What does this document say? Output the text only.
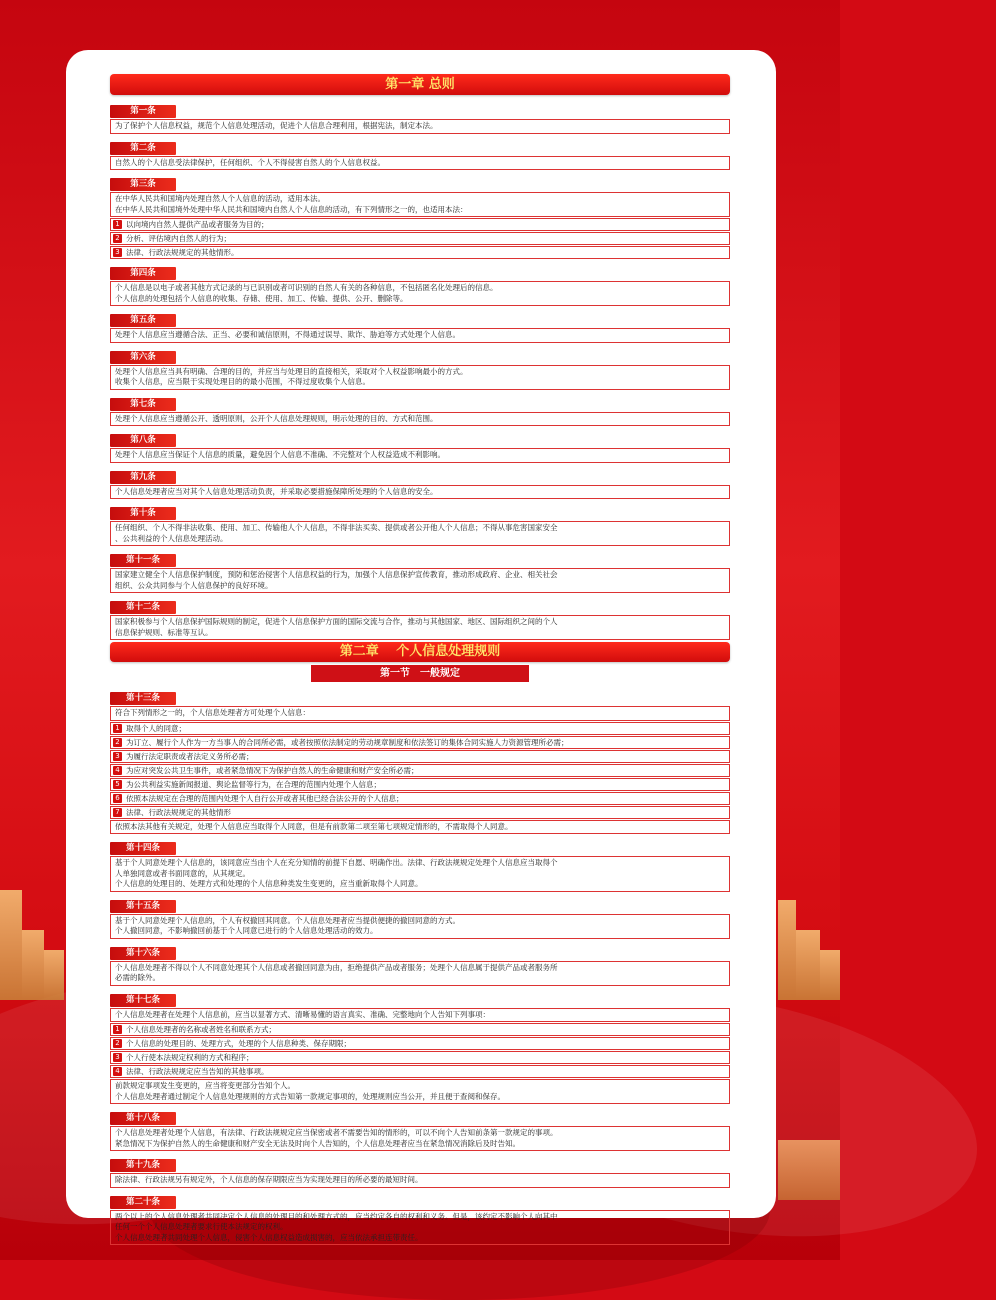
第一章 总则
第一条
为了保护个人信息权益，规范个人信息处理活动，促进个人信息合理利用，根据宪法，制定本法。
第二条
自然人的个人信息受法律保护，任何组织、个人不得侵害自然人的个人信息权益。
第三条
在中华人民共和国境内处理自然人个人信息的活动，适用本法。
在中华人民共和国境外处理中华人民共和国境内自然人个人信息的活动，有下列情形之一的，也适用本法：
1 以向境内自然人提供产品或者服务为目的；
2 分析、评估境内自然人的行为；
3 法律、行政法规规定的其他情形。
第四条
个人信息是以电子或者其他方式记录的与已识别或者可识别的自然人有关的各种信息，不包括匿名化处理后的信息。
个人信息的处理包括个人信息的收集、存储、使用、加工、传输、提供、公开、删除等。
第五条
处理个人信息应当遵循合法、正当、必要和诚信原则，不得通过误导、欺诈、胁迫等方式处理个人信息。
第六条
处理个人信息应当具有明确、合理的目的，并应当与处理目的直接相关，采取对个人权益影响最小的方式。
收集个人信息，应当限于实现处理目的的最小范围，不得过度收集个人信息。
第七条
处理个人信息应当遵循公开、透明原则，公开个人信息处理规则，明示处理的目的、方式和范围。
第八条
处理个人信息应当保证个人信息的质量，避免因个人信息不准确、不完整对个人权益造成不利影响。
第九条
个人信息处理者应当对其个人信息处理活动负责，并采取必要措施保障所处理的个人信息的安全。
第十条
任何组织、个人不得非法收集、使用、加工、传输他人个人信息，不得非法买卖、提供或者公开他人个人信息；不得从事危害国家安全
、公共利益的个人信息处理活动。
第十一条
国家建立健全个人信息保护制度，预防和惩治侵害个人信息权益的行为，加强个人信息保护宣传教育，推动形成政府、企业、相关社会
组织、公众共同参与个人信息保护的良好环境。
第十二条
国家积极参与个人信息保护国际规则的制定，促进个人信息保护方面的国际交流与合作，推动与其他国家、地区、国际组织之间的个人
信息保护规则、标准等互认。
第二章　 个人信息处理规则
第一节　一般规定
第十三条
符合下列情形之一的，个人信息处理者方可处理个人信息：
1 取得个人的同意；
2 为订立、履行个人作为一方当事人的合同所必需，或者按照依法制定的劳动规章制度和依法签订的集体合同实施人力资源管理所必需；
3 为履行法定职责或者法定义务所必需；
4 为应对突发公共卫生事件，或者紧急情况下为保护自然人的生命健康和财产安全所必需；
5 为公共利益实施新闻报道、舆论监督等行为，在合理的范围内处理个人信息；
6 依照本法规定在合理的范围内处理个人自行公开或者其他已经合法公开的个人信息；
7 法律、行政法规规定的其他情形
依照本法其他有关规定，处理个人信息应当取得个人同意，但是有前款第二项至第七项规定情形的，不需取得个人同意。
第十四条
基于个人同意处理个人信息的，该同意应当由个人在充分知情的前提下自愿、明确作出。法律、行政法规规定处理个人信息应当取得个
人单独同意或者书面同意的，从其规定。
个人信息的处理目的、处理方式和处理的个人信息种类发生变更的，应当重新取得个人同意。
第十五条
基于个人同意处理个人信息的，个人有权撤回其同意。个人信息处理者应当提供便捷的撤回同意的方式。
个人撤回同意，不影响撤回前基于个人同意已进行的个人信息处理活动的效力。
第十六条
个人信息处理者不得以个人不同意处理其个人信息或者撤回同意为由，拒绝提供产品或者服务；处理个人信息属于提供产品或者服务所
必需的除外。
第十七条
个人信息处理者在处理个人信息前，应当以显著方式、清晰易懂的语言真实、准确、完整地向个人告知下列事项：
1 个人信息处理者的名称或者姓名和联系方式；
2 个人信息的处理目的、处理方式，处理的个人信息种类、保存期限；
3 个人行使本法规定权利的方式和程序；
4 法律、行政法规规定应当告知的其他事项。
前款规定事项发生变更的，应当将变更部分告知个人。
个人信息处理者通过制定个人信息处理规则的方式告知第一款规定事项的，处理规则应当公开，并且便于查阅和保存。
第十八条
个人信息处理者处理个人信息，有法律、行政法规规定应当保密或者不需要告知的情形的，可以不向个人告知前条第一款规定的事项。
紧急情况下为保护自然人的生命健康和财产安全无法及时向个人告知的，个人信息处理者应当在紧急情况消除后及时告知。
第十九条
除法律、行政法规另有规定外，个人信息的保存期限应当为实现处理目的所必要的最短时间。
第二十条
两个以上的个人信息处理者共同决定个人信息的处理目的和处理方式的，应当约定各自的权利和义务。但是，该约定不影响个人向其中
任何一个个人信息处理者要求行使本法规定的权利。
个人信息处理者共同处理个人信息，侵害个人信息权益造成损害的，应当依法承担连带责任。
